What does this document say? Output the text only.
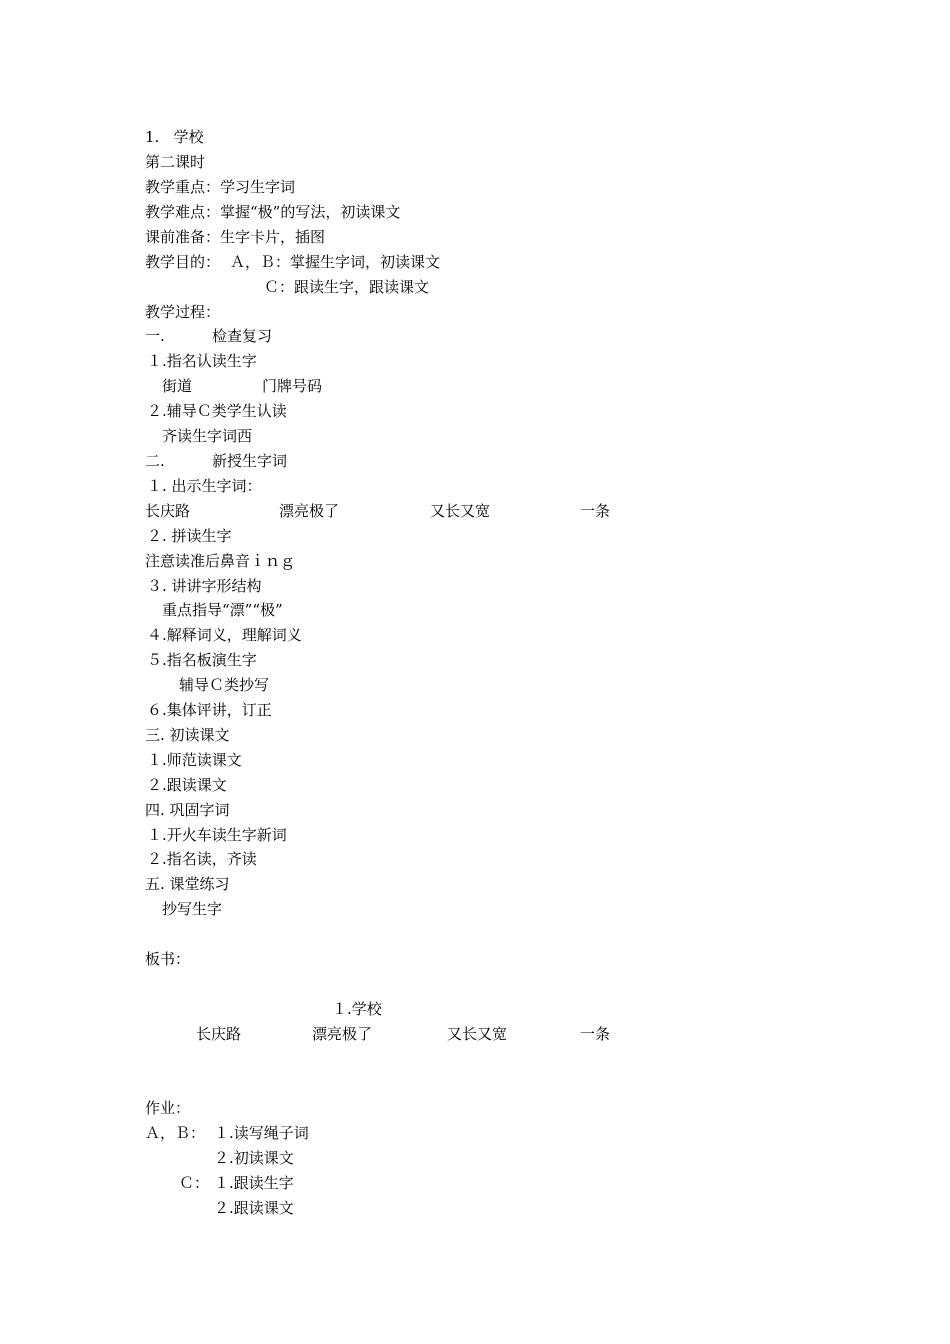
1.   学校
第二课时
教学重点：学习生字词
教学难点：掌握“极”的写法，初读课文
课前准备：生字卡片，插图
教学目的： Ａ，Ｂ：掌握生字词，初读课文
Ｃ：跟读生字，跟读课文
教学过程：
一.	检查复习
１.指名认读生字
街道	门牌号码
２.辅导Ｃ类学生认读
齐读生字词西
二.	新授生字词
１. 出示生字词：
长庆路	漂亮极了	又长又宽	一条
２. 拼读生字
注意读准后鼻音ｉｎｇ
３. 讲讲字形结构
重点指导“漂”“极”
４.解释词义，理解词义
５.指名板演生字
辅导Ｃ类抄写
６.集体评讲，订正
三. 初读课文
１.师范读课文
２.跟读课文
四. 巩固字词
１.开火车读生字新词
２.指名读，齐读
五. 课堂练习
抄写生字
板书：
１.学校
长庆路	漂亮极了	又长又宽	一条
作业：
Ａ，Ｂ： １.读写绳子词
２.初读课文
Ｃ： １.跟读生字
２.跟读课文
